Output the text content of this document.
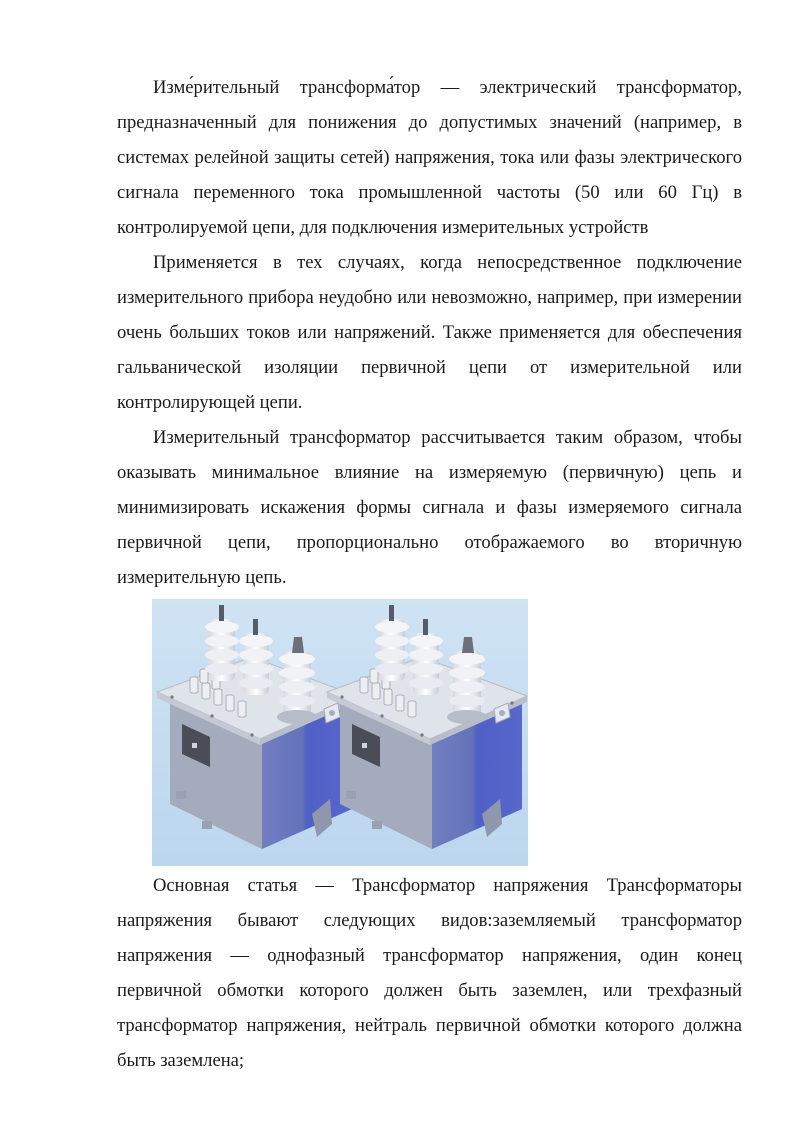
Изме́рительный трансформа́тор — электрический трансформатор, предназначенный для понижения до допустимых значений (например, в системах релейной защиты сетей) напряжения, тока или фазы электрического сигнала переменного тока промышленной частоты (50 или 60 Гц) в контролируемой цепи, для подключения измерительных устройств

Применяется в тех случаях, когда непосредственное подключение измерительного прибора неудобно или невозможно, например, при измерении очень больших токов или напряжений. Также применяется для обеспечения гальванической изоляции первичной цепи от измерительной или контролирующей цепи.

Измерительный трансформатор рассчитывается таким образом, чтобы оказывать минимальное влияние на измеряемую (первичную) цепь и минимизировать искажения формы сигнала и фазы измеряемого сигнала первичной цепи, пропорционально отображаемого во вторичную измерительную цепь.

Основная статья — Трансформатор напряжения Трансформаторы напряжения бывают следующих видов:заземляемый трансформатор напряжения — однофазный трансформатор напряжения, один конец первичной обмотки которого должен быть заземлен, или трехфазный трансформатор напряжения, нейтраль первичной обмотки которого должна быть заземлена;
